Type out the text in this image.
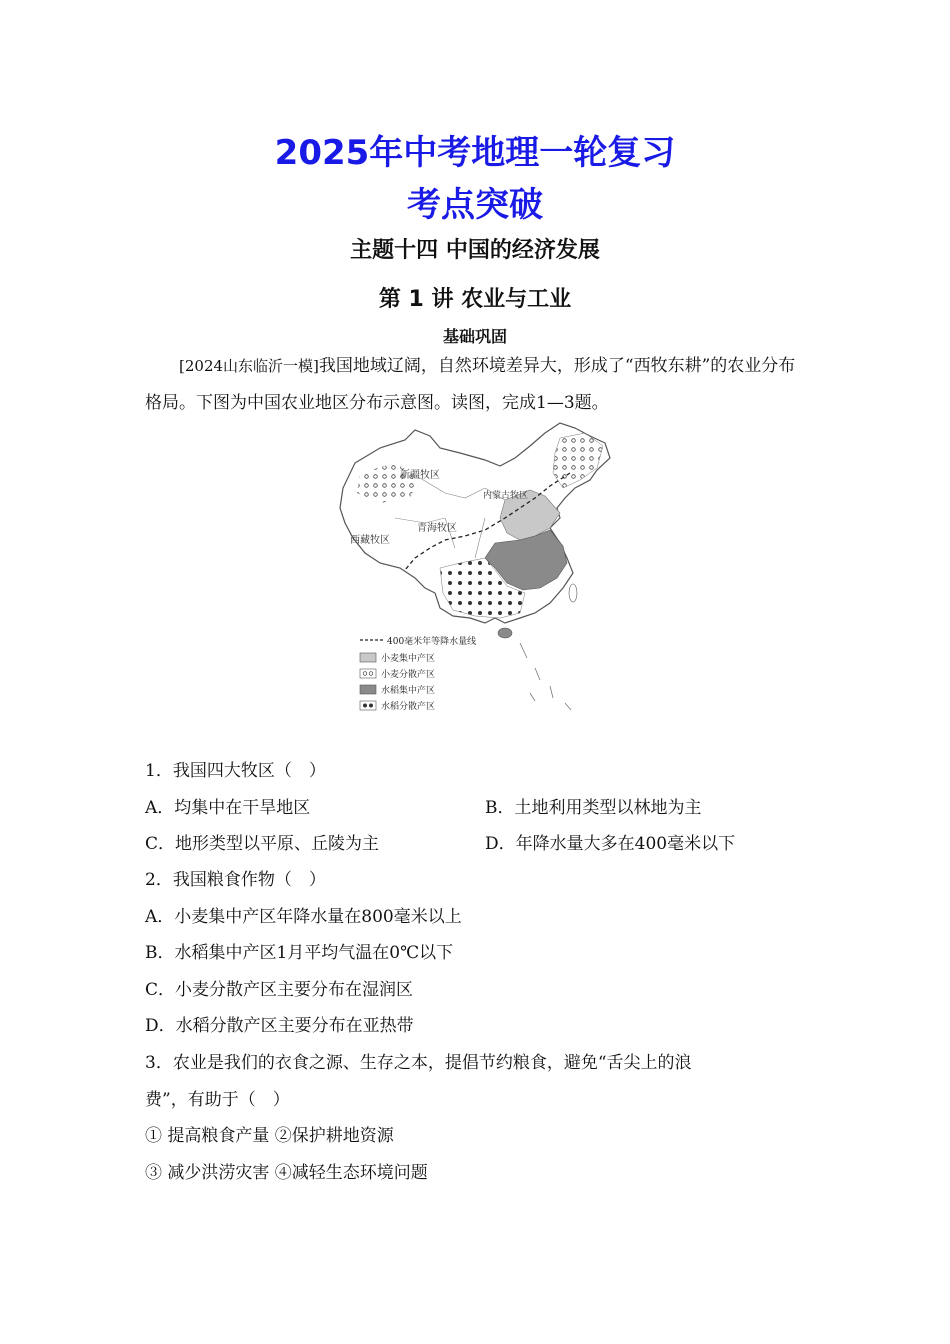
2025年中考地理一轮复习
考点突破
主题十四 中国的经济发展
第 1 讲 农业与工业
基础巩固
[2024山东临沂一模]我国地域辽阔，自然环境差异大，形成了“西牧东耕”的农业分布格局。下图为中国农业地区分布示意图。读图，完成1—3题。
新疆牧区
青海牧区
西藏牧区
内蒙古牧区
400毫米年等降水量线
小麦集中产区
小麦分散产区
水稻集中产区
水稻分散产区
1．我国四大牧区（　）
A．均集中在干旱地区	B．土地利用类型以林地为主
C．地形类型以平原、丘陵为主	D．年降水量大多在400毫米以下
2．我国粮食作物（　）
A．小麦集中产区年降水量在800毫米以上
B．水稻集中产区1月平均气温在0℃以下
C．小麦分散产区主要分布在湿润区
D．水稻分散产区主要分布在亚热带
3．农业是我们的衣食之源、生存之本，提倡节约粮食，避免“舌尖上的浪
费”，有助于（　）
① 提高粮食产量 ②保护耕地资源
③ 减少洪涝灾害 ④减轻生态环境问题
